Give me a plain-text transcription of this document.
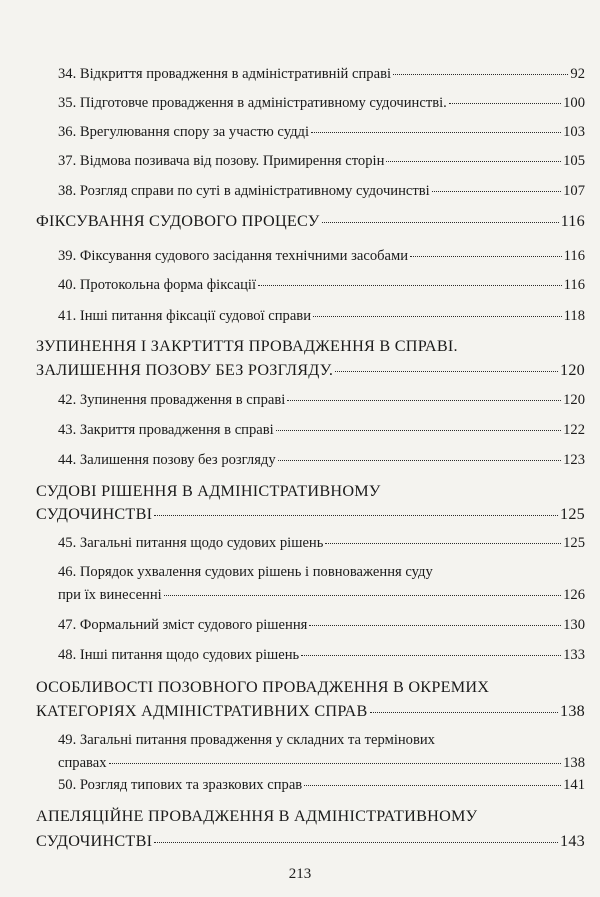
34. Відкриття провадження в адміністративній справі	92
35. Підготовче провадження в адміністративному судочинстві.	100
36. Врегулювання спору за участю судді	103
37. Відмова позивача від позову. Примирення сторін	105
38. Розгляд справи по суті в адміністративному судочинстві	107
ФІКСУВАННЯ СУДОВОГО ПРОЦЕСУ	116
39. Фіксування судового засідання технічними засобами	116
40. Протокольна форма фіксації	116
41. Інші питання фіксації судової справи	118
ЗУПИНЕННЯ І ЗАКРТИТТЯ ПРОВАДЖЕННЯ В СПРАВІ.
ЗАЛИШЕННЯ ПОЗОВУ БЕЗ РОЗГЛЯДУ.	120
42. Зупинення провадження в справі	120
43. Закриття провадження в справі	122
44. Залишення позову без розгляду	123
СУДОВІ РІШЕННЯ В АДМІНІСТРАТИВНОМУ
СУДОЧИНСТВІ	125
45. Загальні питання щодо судових рішень	125
46. Порядок ухвалення судових рішень і повноваження суду
при їх винесенні	126
47. Формальний зміст судового рішення	130
48. Інші питання щодо судових рішень	133
ОСОБЛИВОСТІ ПОЗОВНОГО ПРОВАДЖЕННЯ В ОКРЕМИХ
КАТЕГОРІЯХ АДМІНІСТРАТИВНИХ СПРАВ	138
49. Загальні питання провадження у складних та термінових
справах	138
50. Розгляд типових та зразкових справ	141
АПЕЛЯЦІЙНЕ ПРОВАДЖЕННЯ В АДМІНІСТРАТИВНОМУ
СУДОЧИНСТВІ	143
213
